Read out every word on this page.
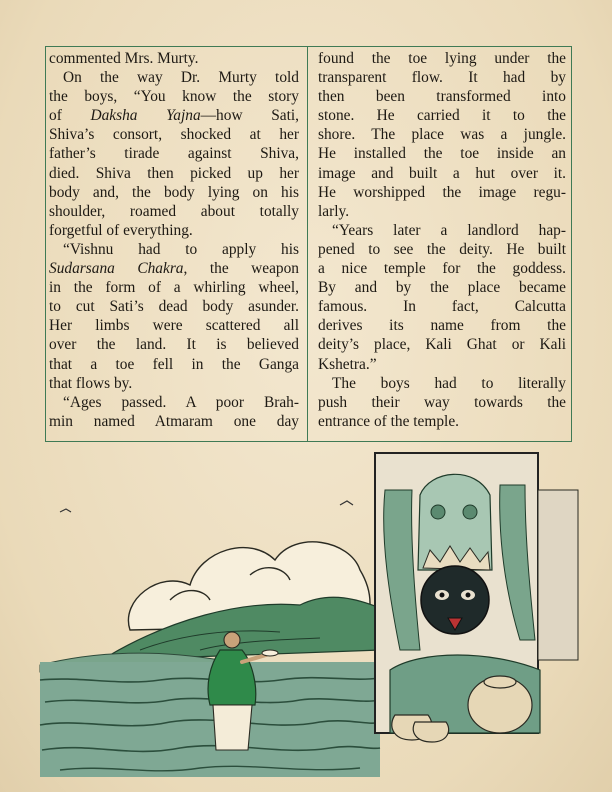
commented Mrs. Murty.
On the way Dr. Murty told
the boys, “You know the story
of Daksha Yajna—how Sati,
Shiva’s consort, shocked at her
father’s tirade against Shiva,
died. Shiva then picked up her
body and, the body lying on his
shoulder, roamed about totally
forgetful of everything.
“Vishnu had to apply his
Sudarsana Chakra, the weapon
in the form of a whirling wheel,
to cut Sati’s dead body asunder.
Her limbs were scattered all
over the land. It is believed
that a toe fell in the Ganga
that flows by.
“Ages passed. A poor Brah-
min named Atmaram one day
found the toe lying under the
transparent flow. It had by
then been transformed into
stone. He carried it to the
shore. The place was a jungle.
He installed the toe inside an
image and built a hut over it.
He worshipped the image regu-
larly.
“Years later a landlord hap-
pened to see the deity. He built
a nice temple for the goddess.
By and by the place became
famous. In fact, Calcutta
derives its name from the
deity’s place, Kali Ghat or Kali
Kshetra.”
The boys had to literally
push their way towards the
entrance of the temple.
